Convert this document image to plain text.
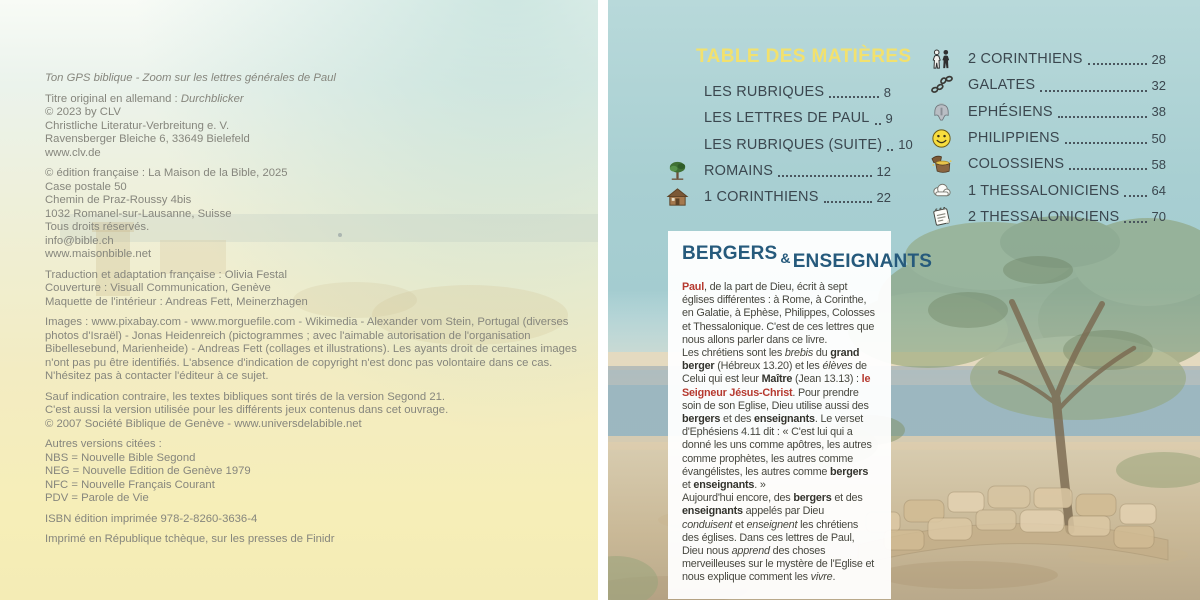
Ton GPS biblique - Zoom sur les lettres générales de Paul

Titre original en allemand : Durchblicker
© 2023 by CLV
Christliche Literatur-Verbreitung e. V.
Ravensberger Bleiche 6, 33649 Bielefeld
www.clv.de

© édition française : La Maison de la Bible, 2025
Case postale 50
Chemin de Praz-Roussy 4bis
1032 Romanel-sur-Lausanne, Suisse
Tous droits réservés.
info@bible.ch
www.maisonbible.net

Traduction et adaptation française : Olivia Festal
Couverture : Visuall Communication, Genève
Maquette de l'intérieur : Andreas Fett, Meinerzhagen

Images : www.pixabay.com - www.morguefile.com - Wikimedia - Alexander vom Stein, Portugal (diverses photos d'Israël) - Jonas Heidenreich (pictogrammes ; avec l'aimable autorisation de l'organisation Bibellesebund, Marienheide) - Andreas Fett (collages et illustrations). Les ayants droit de certaines images n'ont pas pu être identifiés. L'absence d'indication de copyright n'est donc pas volontaire dans ce cas. N'hésitez pas à contacter l'éditeur à ce sujet.

Sauf indication contraire, les textes bibliques sont tirés de la version Segond 21.
C'est aussi la version utilisée pour les différents jeux contenus dans cet ouvrage.
© 2007 Société Biblique de Genève - www.universdelabible.net

Autres versions citées :
NBS = Nouvelle Bible Segond
NEG = Nouvelle Edition de Genève 1979
NFC = Nouvelle Français Courant
PDV = Parole de Vie

ISBN édition imprimée 978-2-8260-3636-4

Imprimé en République tchèque, sur les presses de Finidr

TABLE DES MATIÈRES
LES RUBRIQUES	8
LES LETTRES DE PAUL 9
LES RUBRIQUES (SUITE) 10
ROMAINS	12
1 CORINTHIENS	22
2 CORINTHIENS	28
GALATES	32
EPHÉSIENS	38
PHILIPPIENS	50
COLOSSIENS	58
1 THESSALONICIENS 64
2 THESSALONICIENS 70
BERGERS & ENSEIGNANTS
Paul, de la part de Dieu, écrit à sept églises différentes : à Rome, à Corinthe, en Galatie, à Ephèse, Philippes, Colosses et Thessalonique. C'est de ces lettres que nous allons parler dans ce livre.
Les chrétiens sont les brebis du grand berger (Hébreux 13.20) et les élèves de Celui qui est leur Maître (Jean 13.13) : le Seigneur Jésus-Christ. Pour prendre soin de son Eglise, Dieu utilise aussi des bergers et des enseignants. Le verset d'Ephésiens 4.11 dit : « C'est lui qui a donné les uns comme apôtres, les autres comme prophètes, les autres comme évangélistes, les autres comme bergers et enseignants. »
Aujourd'hui encore, des bergers et des enseignants appelés par Dieu conduisent et enseignent les chrétiens des églises. Dans ces lettres de Paul, Dieu nous apprend des choses merveilleuses sur le mystère de l'Eglise et nous explique comment les vivre.
